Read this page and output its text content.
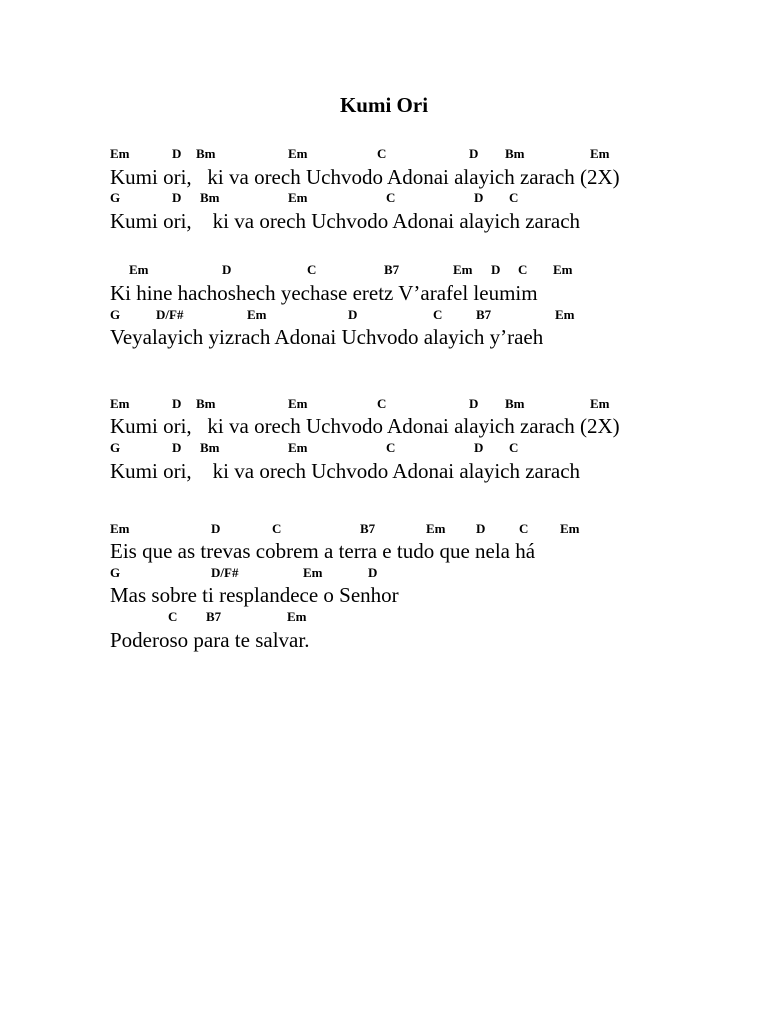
Kumi Ori
Em	D Bm	Em	C	D Bm	Em
Kumi ori,   ki va orech Uchvodo Adonai alayich zarach (2X)
G	D Bm	Em	C	D C
Kumi ori,    ki va orech Uchvodo Adonai alayich zarach
Em	D	C	B7	Em D C Em
Ki hine hachoshech yechase eretz V’arafel leumim
G	D/F#	Em	D	C	B7	Em
Veyalayich yizrach Adonai Uchvodo alayich y’raeh
Em	D Bm	Em	C	D Bm	Em
Kumi ori,   ki va orech Uchvodo Adonai alayich zarach (2X)
G	D Bm	Em	C	D C
Kumi ori,    ki va orech Uchvodo Adonai alayich zarach
Em	D	C	B7	Em D	C Em
Eis que as trevas cobrem a terra e tudo que nela há
G	D/F#	Em	D
Mas sobre ti resplandece o Senhor
C B7	Em
Poderoso para te salvar.
